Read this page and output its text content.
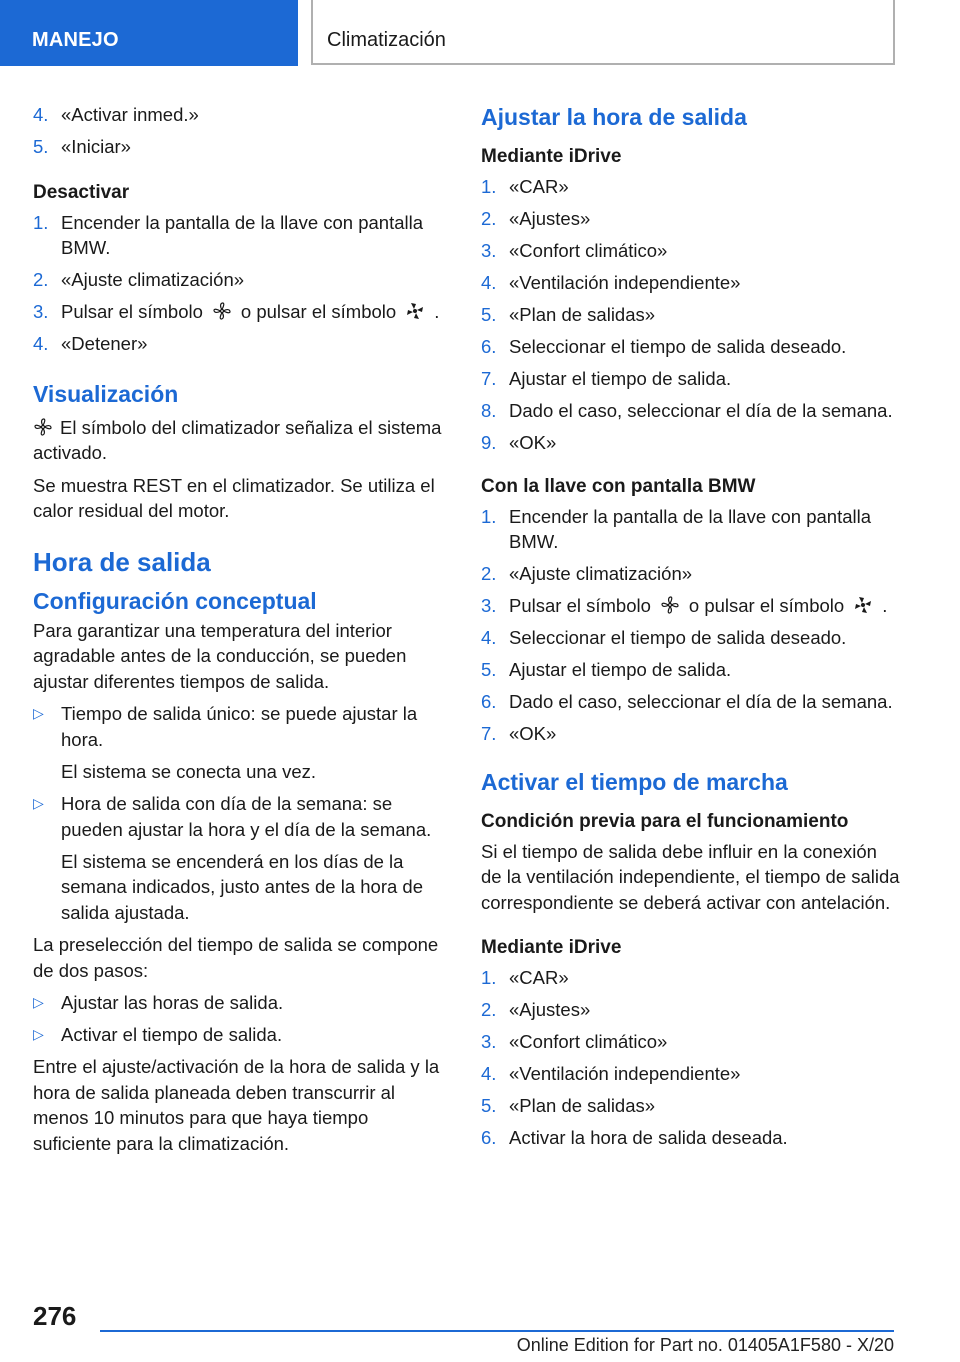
MANEJO	Climatización
4. «Activar inmed.»
5. «Iniciar»
Desactivar
1. Encender la pantalla de la llave con pantalla BMW.
2. «Ajuste climatización»
3. Pulsar el símbolo o pulsar el símbolo .
4. «Detener»
Visualización
El símbolo del climatizador señaliza el sistema activado.
Se muestra REST en el climatizador. Se utiliza el calor residual del motor.
Hora de salida
Configuración conceptual
Para garantizar una temperatura del interior agradable antes de la conducción, se pueden ajustar diferentes tiempos de salida.
▷ Tiempo de salida único: se puede ajustar la hora.
El sistema se conecta una vez.
▷ Hora de salida con día de la semana: se pueden ajustar la hora y el día de la semana.
El sistema se encenderá en los días de la semana indicados, justo antes de la hora de salida ajustada.
La preselección del tiempo de salida se compone de dos pasos:
▷ Ajustar las horas de salida.
▷ Activar el tiempo de salida.
Entre el ajuste/activación de la hora de salida y la hora de salida planeada deben transcurrir al menos 10 minutos para que haya tiempo suficiente para la climatización.
Ajustar la hora de salida
Mediante iDrive
1. «CAR»
2. «Ajustes»
3. «Confort climático»
4. «Ventilación independiente»
5. «Plan de salidas»
6. Seleccionar el tiempo de salida deseado.
7. Ajustar el tiempo de salida.
8. Dado el caso, seleccionar el día de la semana.
9. «OK»
Con la llave con pantalla BMW
1. Encender la pantalla de la llave con pantalla BMW.
2. «Ajuste climatización»
3. Pulsar el símbolo o pulsar el símbolo .
4. Seleccionar el tiempo de salida deseado.
5. Ajustar el tiempo de salida.
6. Dado el caso, seleccionar el día de la semana.
7. «OK»
Activar el tiempo de marcha
Condición previa para el funcionamiento
Si el tiempo de salida debe influir en la conexión de la ventilación independiente, el tiempo de salida correspondiente se deberá activar con antelación.
Mediante iDrive
1. «CAR»
2. «Ajustes»
3. «Confort climático»
4. «Ventilación independiente»
5. «Plan de salidas»
6. Activar la hora de salida deseada.
276
Online Edition for Part no. 01405A1F580 - X/20
